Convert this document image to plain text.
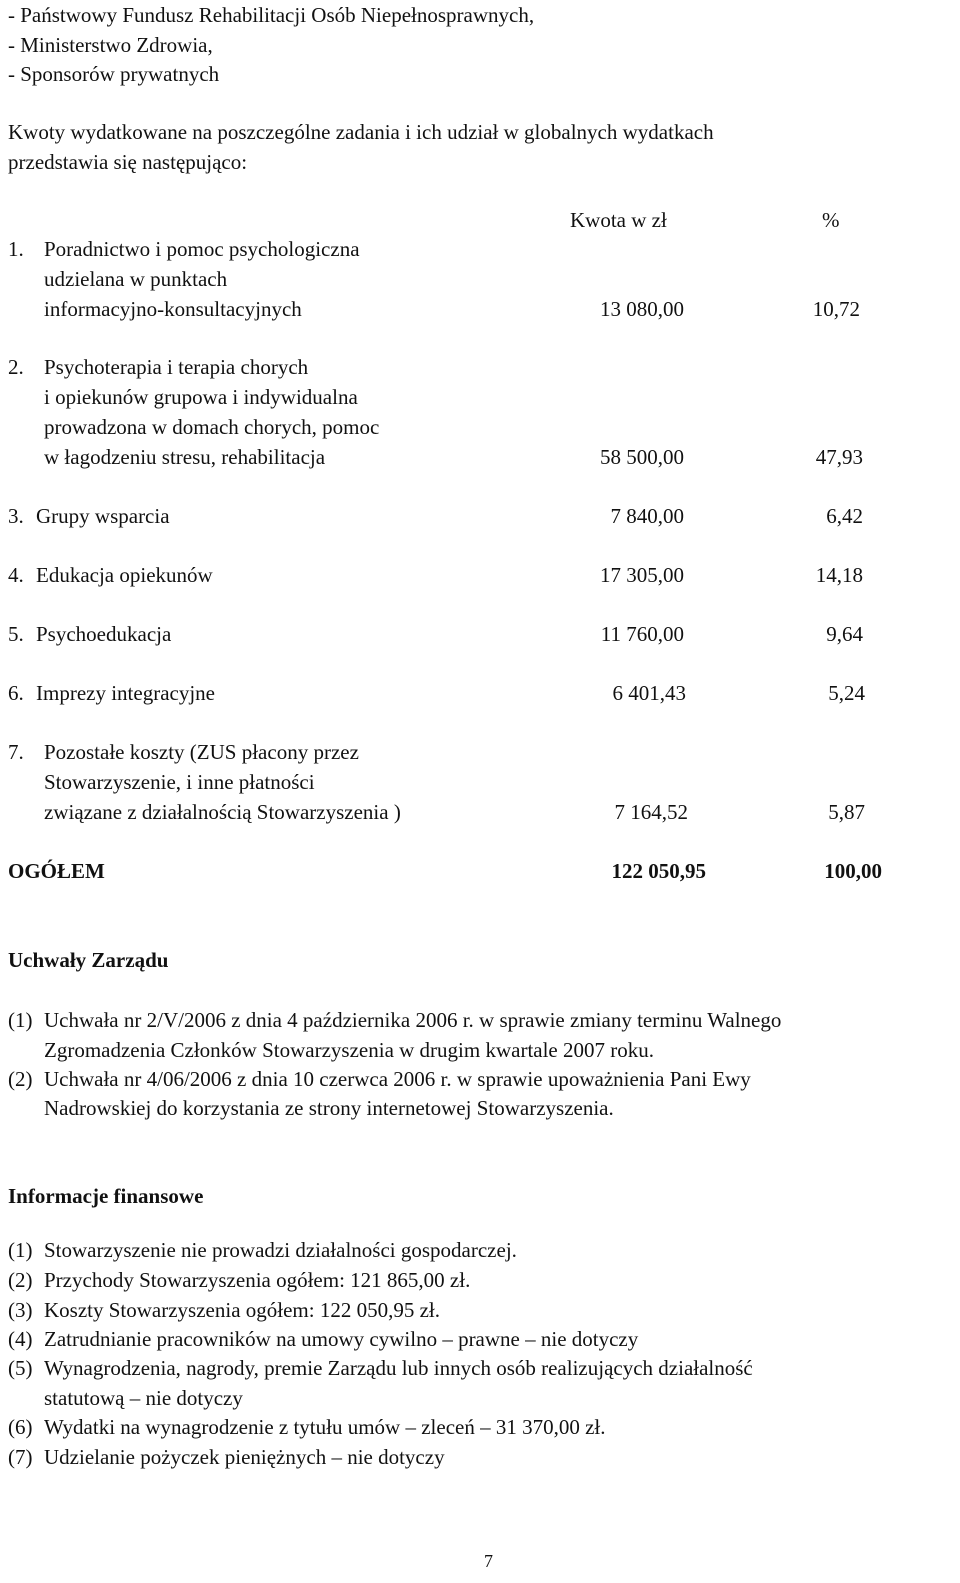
- Państwowy Fundusz Rehabilitacji Osób Niepełnosprawnych,
- Ministerstwo Zdrowia,
- Sponsorów prywatnych
Kwoty wydatkowane na poszczególne zadania i ich udział w globalnych wydatkach
przedstawia się następująco:
Kwota w zł	%
1. Poradnictwo i pomoc psychologiczna
udzielana w punktach
informacyjno-konsultacyjnych	13 080,00	10,72
2. Psychoterapia i terapia chorych
i opiekunów grupowa i indywidualna
prowadzona w domach chorych, pomoc
w łagodzeniu stresu, rehabilitacja	58 500,00	47,93
3. Grupy wsparcia	7 840,00	6,42
4. Edukacja opiekunów	17 305,00	14,18
5. Psychoedukacja	11 760,00	9,64
6. Imprezy integracyjne	6 401,43	5,24
7. Pozostałe koszty (ZUS płacony przez
Stowarzyszenie, i inne płatności
związane z działalnością Stowarzyszenia )	7 164,52	5,87
OGÓŁEM	122 050,95	100,00
Uchwały Zarządu
(1) Uchwała nr 2/V/2006 z dnia 4 października 2006 r. w sprawie zmiany terminu Walnego
Zgromadzenia Członków Stowarzyszenia w drugim kwartale 2007 roku.
(2) Uchwała nr 4/06/2006 z dnia 10 czerwca 2006 r. w sprawie upoważnienia Pani Ewy
Nadrowskiej do korzystania ze strony internetowej Stowarzyszenia.
Informacje finansowe
(1) Stowarzyszenie nie prowadzi działalności gospodarczej.
(2) Przychody Stowarzyszenia ogółem: 121 865,00 zł.
(3) Koszty Stowarzyszenia ogółem: 122 050,95 zł.
(4) Zatrudnianie pracowników na umowy cywilno – prawne – nie dotyczy
(5) Wynagrodzenia, nagrody, premie Zarządu lub innych osób realizujących działalność
statutową – nie dotyczy
(6) Wydatki na wynagrodzenie z tytułu umów – zleceń – 31 370,00 zł.
(7) Udzielanie pożyczek pieniężnych – nie dotyczy
7
